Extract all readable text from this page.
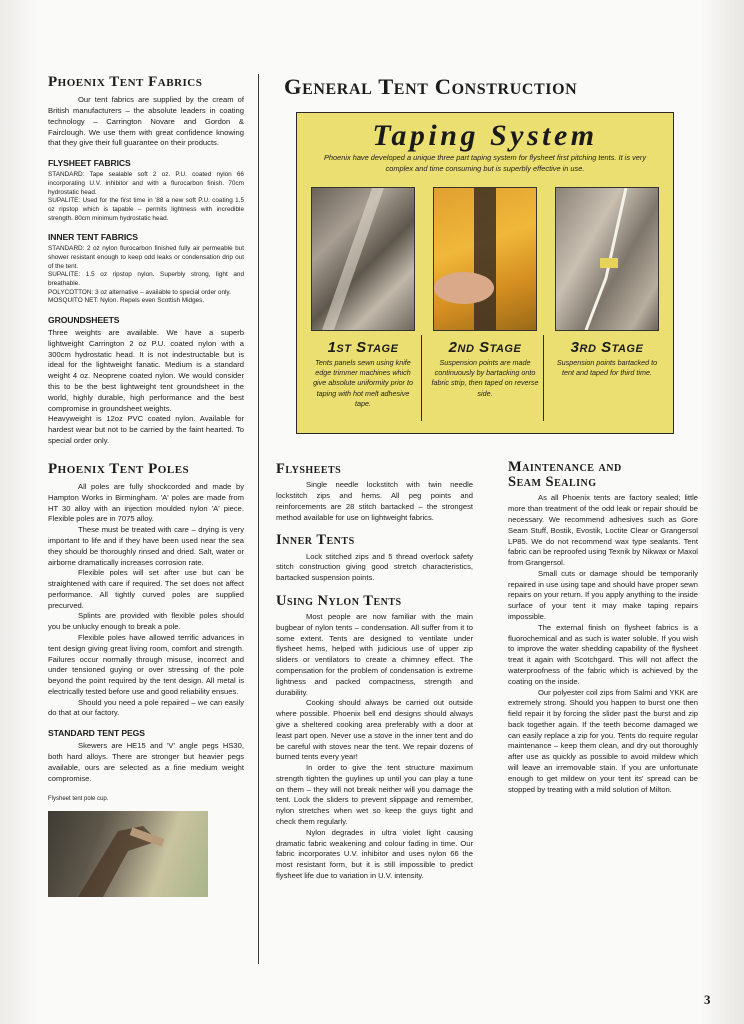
Phoenix Tent Fabrics

Our tent fabrics are supplied by the cream of British manufacturers – the absolute leaders in coating technology – Carrington Novare and Gordon & Fairclough. We use them with great confidence knowing that they give their full guarantee on their products.

FLYSHEET FABRICS

STANDARD: Tape sealable soft 2 oz. P.U. coated nylon 66 incorporating U.V. inhibitor and with a flurocarbon finish. 70cm hydrostatic head.

SUPALITE: Used for the first time in '88 a new soft P.U. coating 1.5 oz ripstop which is tapable – permits lightness with incredible strength. 80cm minimum hydrostatic head.

INNER TENT FABRICS

STANDARD: 2 oz nylon flurocarbon finished fully air permeable but shower resistant enough to keep odd leaks or condensation drip out of the tent.

SUPALITE: 1.5 oz ripstop nylon. Superbly strong, light and breathable.

POLYCOTTON: 3 oz alternative – available to special order only.

MOSQUITO NET: Nylon. Repels even Scottish Midges.

GROUNDSHEETS

Three weights are available. We have a superb lightweight Carrington 2 oz P.U. coated nylon with a 300cm hydrostatic head. It is not indestructable but is ideal for the lightweight fanatic. Medium is a standard weight 4 oz. Neoprene coated nylon. We would consider this to be the best lightweight tent groundsheet in the world, highly durable, high performance and the best compromise in groundsheet weights.

Heavyweight is 12oz PVC coated nylon. Available for hardest wear but not to be carried by the faint hearted. To special order only.

Phoenix Tent Poles

All poles are fully shockcorded and made by Hampton Works in Birmingham. 'A' poles are made from HT 30 alloy with an injection moulded nylon 'A' piece. Flexible poles are in 7075 alloy.

These must be treated with care – drying is very important to life and if they have been used near the sea they should be thoroughly rinsed and dried. Salt, water or airborne dramatically increases corrosion rate.

Flexible poles will set after use but can be straightened with care if required. The set does not affect performance. All tightly curved poles are supplied precurved.

Splints are provided with flexible poles should you be unlucky enough to break a pole.

Flexible poles have allowed terrific advances in tent design giving great living room, comfort and strength. Failures occur normally through misuse, incorrect and under tensioned guying or over stressing of the pole beyond the point required by the tent design. All metal is electrically tested before use and good reliability ensues.

Should you need a pole repaired – we can easily do that at our factory.

STANDARD TENT PEGS

Skewers are HE15 and 'V' angle pegs HS30, both hard alloys. There are stronger but heavier pegs available, ours are selected as a fine medium weight compromise.

Flysheet tent pole cup.
General Tent Construction
Taping System
Phoenix have developed a unique three part taping system for flysheet first pitching tents. It is very complex and time consuming but is superbly effective in use.
1st Stage
Tents panels sewn using knife edge trimmer machines which give absolute uniformity prior to taping with hot melt adhesive tape.
2nd Stage
Suspension points are made continuously by bartacking onto fabric strip, then taped on reverse side.
3rd Stage
Suspension points bartacked to tent and taped for third time.
Flysheets

Single needle lockstitch with twin needle lockstitch zips and hems. All peg points and reinforcements are 28 stitch bartacked – the strongest method available for use on lightweight fabrics.

Inner Tents

Lock stitched zips and 5 thread overlock safety stitch construction giving good stretch characteristics, bartacked suspension points.

Using Nylon Tents

Most people are now familiar with the main bugbear of nylon tents – condensation. All suffer from it to some extent. Tents are designed to ventilate under flysheet hems, helped with judicious use of upper zip sliders or ventilators to create a chimney effect. The compensation for the problem of condensation is extreme lightness and packed compactness, strength and durability.

Cooking should always be carried out outside where possible. Phoenix bell end designs should always give a sheltered cooking area preferably with a door at least part open. Never use a stove in the inner tent and do be careful with stoves near the tent. We repair dozens of burned tents every year!

In order to give the tent structure maximum strength tighten the guylines up until you can play a tune on them – they will not break neither will you damage the tent. Lock the sliders to prevent slippage and remember, nylon stretches when wet so keep the guys tight and check them regularly.

Nylon degrades in ultra violet light causing dramatic fabric weakening and colour fading in time. Our fabric incorporates U.V. inhibitor and uses nylon 66 the most resistant form, but it is still impossible to predict flysheet life due to variation in U.V. intensity.

Maintenance and
Seam Sealing

As all Phoenix tents are factory sealed; little more than treatment of the odd leak or repair should be necessary. We recommend adhesives such as Gore Seam Stuff, Bostik, Evostik, Loctite Clear or Grangersol LP85. We do not recommend wax type sealants. Tent fabric can be reproofed using Texnik by Nikwax or Maxol from Grangersol.

Small cuts or damage should be temporarily repaired in use using tape and should have proper sewn repairs on your return. If you apply anything to the inside surface of your tent it may make taping repairs impossible.

The external finish on flysheet fabrics is a fluorochemical and as such is water soluble. If you wish to improve the water shedding capability of the flysheet treat it again with Scotchgard. This will not affect the waterproofness of the fabric which is achieved by the coating on the inside.

Our polyester coil zips from Salmi and YKK are extremely strong. Should you happen to burst one then field repair it by forcing the slider past the burst and zip back together again. If the teeth become damaged we can easily replace a zip for you. Tents do require regular maintenance – keep them clean, and dry out thoroughly after use as quickly as possible to avoid mildew which will leave an irremovable stain. If you are unfortunate enough to get mildew on your tent its' spread can be stopped by treating with a mild solution of Milton.

3
